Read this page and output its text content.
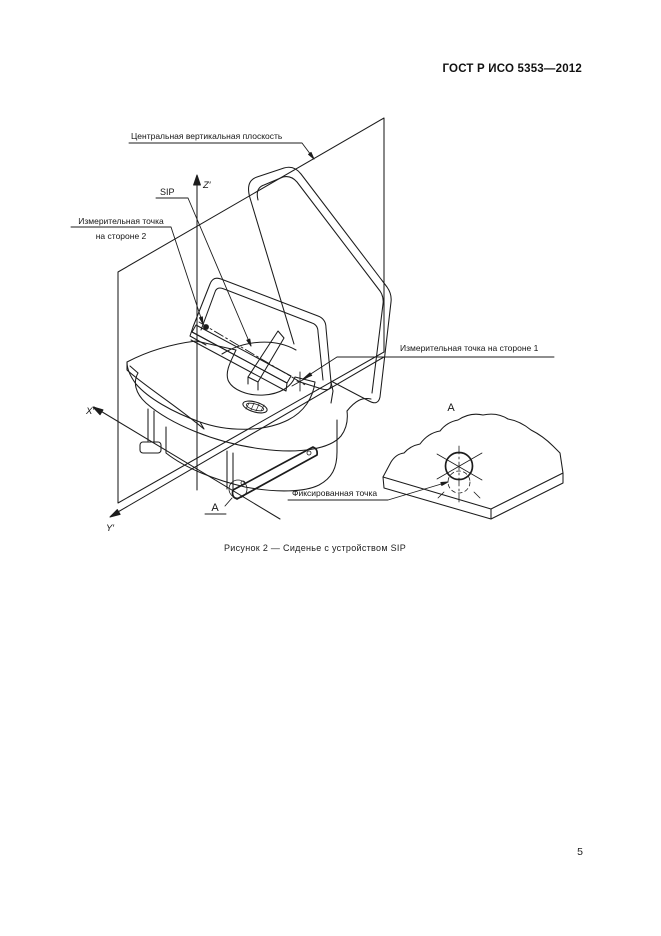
ГОСТ Р ИСО 5353—2012
Центральная вертикальная плоскость
SIP
Измерительная точка
на стороне 2
Измерительная точка на стороне 1
Фиксированная точка
А
А
Z′
X′
Y′
Рисунок 2 — Сиденье с устройством SIP
5
